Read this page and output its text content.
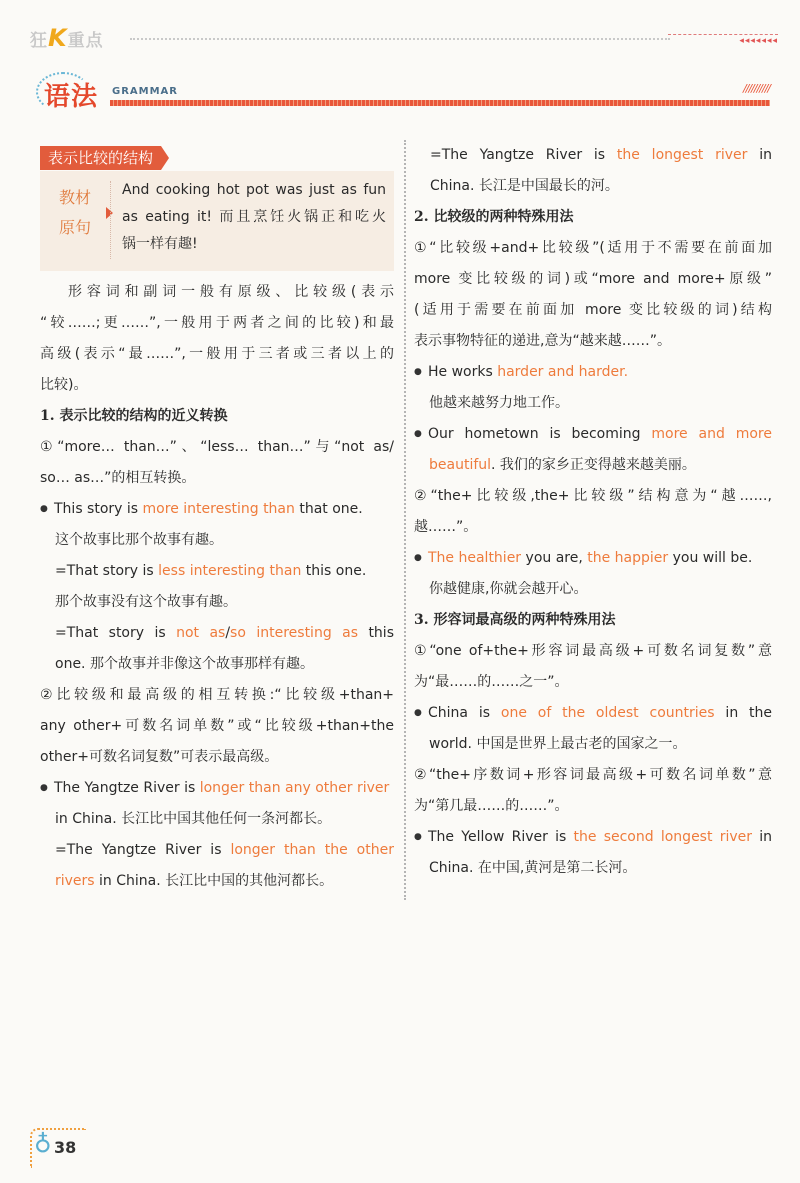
狂K重点	◂◂◂◂◂◂◂
语法 GRAMMAR	//////////
表示比较的结构
教材
原句
And cooking hot pot was just as fun
as eating it! 而且烹饪火锅正和吃火
锅一样有趣!
形容词和副词一般有原级、比较级(表示
“较……;更……”,一般用于两者之间的比较)和最
高级(表示“最……”,一般用于三者或三者以上的
比较)。
1. 表示比较的结构的近义转换
①“more… than…”、“less… than…”与“not as/
so… as…”的相互转换。
● This story is more interesting than that one.
这个故事比那个故事有趣。
=That story is less interesting than this one.
那个故事没有这个故事有趣。
=That story is not as/so interesting as this
one. 那个故事并非像这个故事那样有趣。
②比较级和最高级的相互转换:“比较级+than+
any other+可数名词单数”或“比较级+than+the
other+可数名词复数”可表示最高级。
● The Yangtze River is longer than any other river
in China. 长江比中国其他任何一条河都长。
=The Yangtze River is longer than the other
rivers in China. 长江比中国的其他河都长。
=The Yangtze River is the longest river in
China. 长江是中国最长的河。
2. 比较级的两种特殊用法
①“比较级+and+比较级”(适用于不需要在前面加
more 变比较级的词)或“more and more+原级”
(适用于需要在前面加 more 变比较级的词)结构
表示事物特征的递进,意为“越来越……”。
● He works harder and harder.
他越来越努力地工作。
● Our hometown is becoming more and more
beautiful. 我们的家乡正变得越来越美丽。
②“the+比较级,the+比较级”结构意为“越……,
越……”。
● The healthier you are, the happier you will be.
你越健康,你就会越开心。
3. 形容词最高级的两种特殊用法
①“one of+the+形容词最高级+可数名词复数”意
为“最……的……之一”。
● China is one of the oldest countries in the
world. 中国是世界上最古老的国家之一。
②“the+序数词+形容词最高级+可数名词单数”意
为“第几最……的……”。
● The Yellow River is the second longest river in
China. 在中国,黄河是第二长河。
♁ 38
